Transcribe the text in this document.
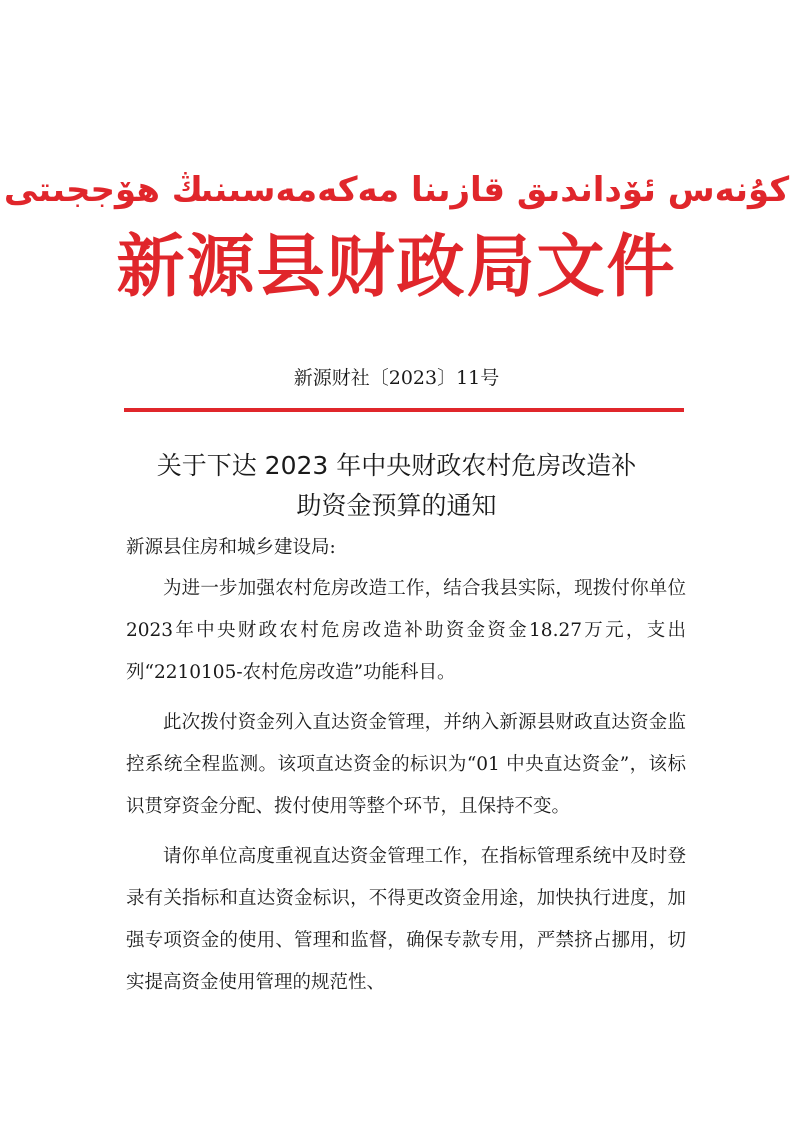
كۇنەس ئۆداندىق قازىنا مەكەمەسىنىڭ ھۆججىتى
新源县财政局文件
新源财社〔2023〕11号
关于下达 2023 年中央财政农村危房改造补
助资金预算的通知
新源县住房和城乡建设局:

为进一步加强农村危房改造工作，结合我县实际，现拨付你单位2023年中央财政农村危房改造补助资金资金18.27万元，支出列“2210105-农村危房改造”功能科目。

此次拨付资金列入直达资金管理，并纳入新源县财政直达资金监控系统全程监测。该项直达资金的标识为“01 中央直达资金”，该标识贯穿资金分配、拨付使用等整个环节，且保持不变。

请你单位高度重视直达资金管理工作，在指标管理系统中及时登录有关指标和直达资金标识，不得更改资金用途，加快执行进度，加强专项资金的使用、管理和监督，确保专款专用，严禁挤占挪用，切实提高资金使用管理的规范性、
